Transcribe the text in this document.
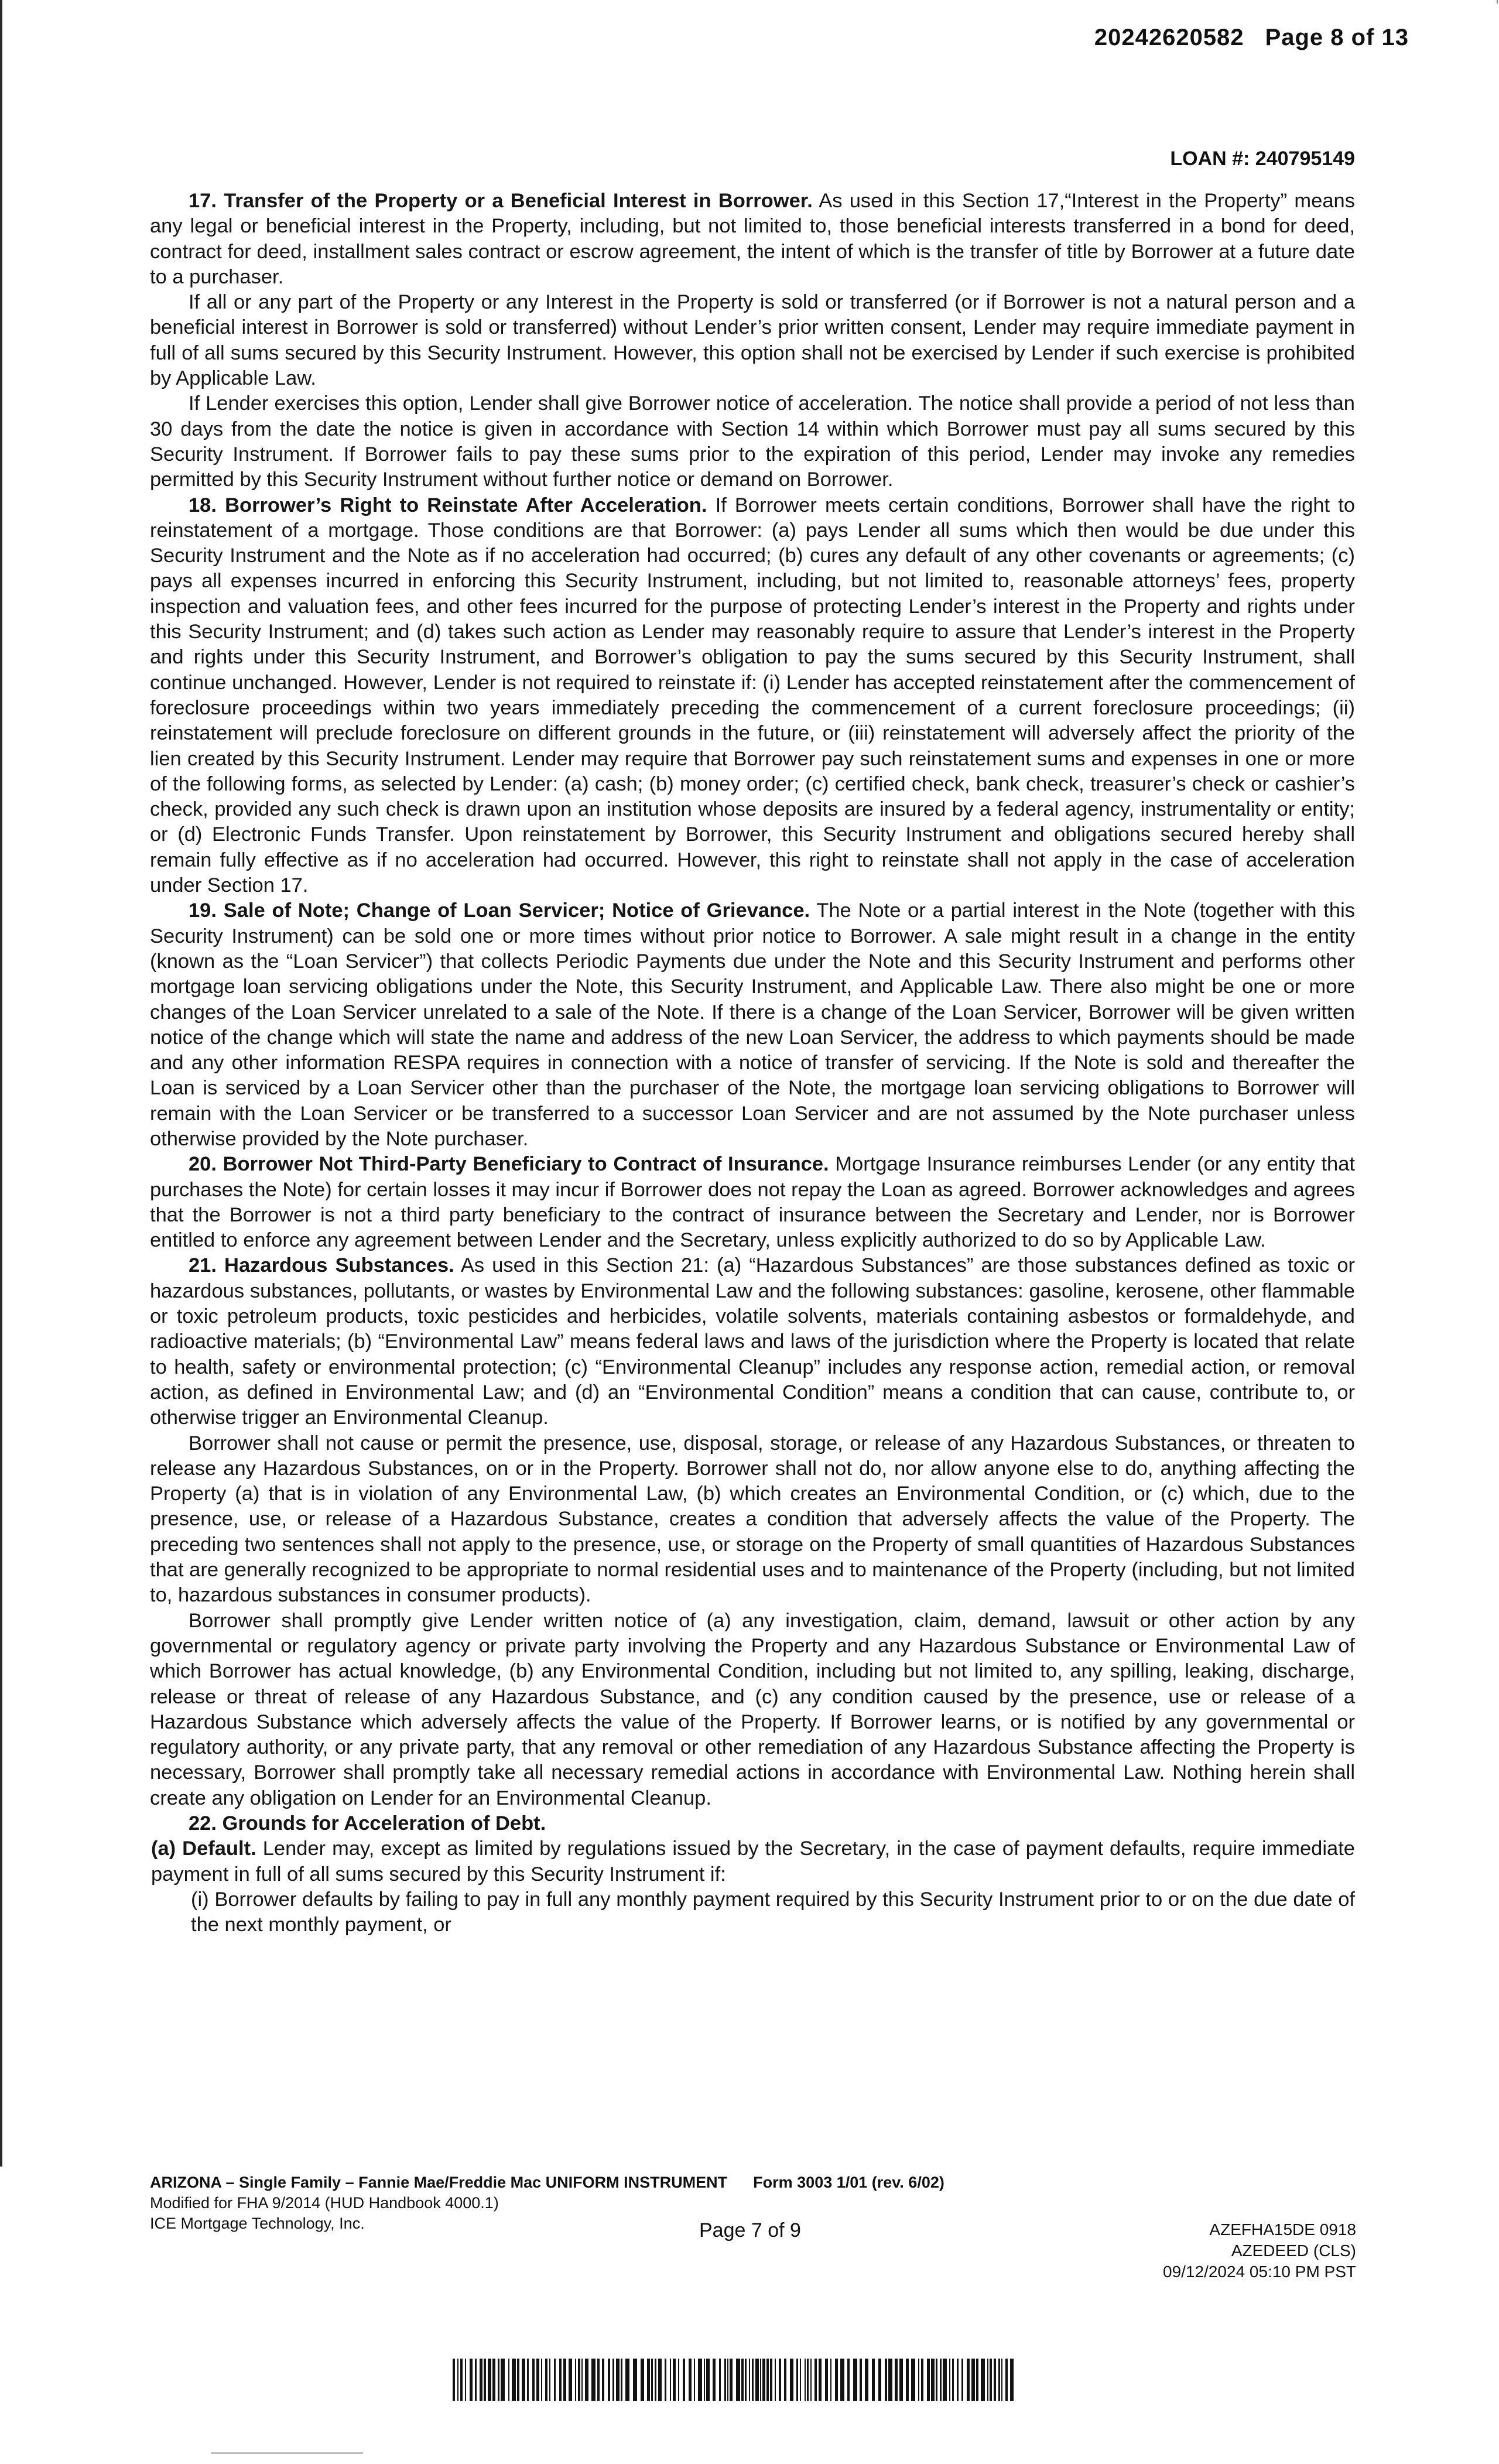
20242620582 Page 8 of 13
LOAN #: 240795149

17. Transfer of the Property or a Beneficial Interest in Borrower. As used in this Section 17,“Interest in the Property” means any legal or beneficial interest in the Property, including, but not limited to, those beneficial interests transferred in a bond for deed, contract for deed, installment sales contract or escrow agreement, the intent of which is the transfer of title by Borrower at a future date to a purchaser.

If all or any part of the Property or any Interest in the Property is sold or transferred (or if Borrower is not a natural person and a beneficial interest in Borrower is sold or transferred) without Lender’s prior written consent, Lender may require immediate payment in full of all sums secured by this Security Instrument. However, this option shall not be exercised by Lender if such exercise is prohibited by Applicable Law.

If Lender exercises this option, Lender shall give Borrower notice of acceleration. The notice shall provide a period of not less than 30 days from the date the notice is given in accordance with Section 14 within which Borrower must pay all sums secured by this Security Instrument. If Borrower fails to pay these sums prior to the expiration of this period, Lender may invoke any remedies permitted by this Security Instrument without further notice or demand on Borrower.

18. Borrower’s Right to Reinstate After Acceleration. If Borrower meets certain conditions, Borrower shall have the right to reinstatement of a mortgage. Those conditions are that Borrower: (a) pays Lender all sums which then would be due under this Security Instrument and the Note as if no acceleration had occurred; (b) cures any default of any other covenants or agreements; (c) pays all expenses incurred in enforcing this Security Instrument, including, but not limited to, reasonable attorneys’ fees, property inspection and valuation fees, and other fees incurred for the purpose of protecting Lender’s interest in the Property and rights under this Security Instrument; and (d) takes such action as Lender may reasonably require to assure that Lender’s interest in the Property and rights under this Security Instrument, and Borrower’s obligation to pay the sums secured by this Security Instrument, shall continue unchanged. However, Lender is not required to reinstate if: (i) Lender has accepted reinstatement after the commencement of foreclosure proceedings within two years immediately preceding the commencement of a current foreclosure proceedings; (ii) reinstatement will preclude foreclosure on different grounds in the future, or (iii) reinstatement will adversely affect the priority of the lien created by this Security Instrument. Lender may require that Borrower pay such reinstatement sums and expenses in one or more of the following forms, as selected by Lender: (a) cash; (b) money order; (c) certified check, bank check, treasurer’s check or cashier’s check, provided any such check is drawn upon an institution whose deposits are insured by a federal agency, instrumentality or entity; or (d) Electronic Funds Transfer. Upon reinstatement by Borrower, this Security Instrument and obligations secured hereby shall remain fully effective as if no acceleration had occurred. However, this right to reinstate shall not apply in the case of acceleration under Section 17.

19. Sale of Note; Change of Loan Servicer; Notice of Grievance. The Note or a partial interest in the Note (together with this Security Instrument) can be sold one or more times without prior notice to Borrower. A sale might result in a change in the entity (known as the “Loan Servicer”) that collects Periodic Payments due under the Note and this Security Instrument and performs other mortgage loan servicing obligations under the Note, this Security Instrument, and Applicable Law. There also might be one or more changes of the Loan Servicer unrelated to a sale of the Note. If there is a change of the Loan Servicer, Borrower will be given written notice of the change which will state the name and address of the new Loan Servicer, the address to which payments should be made and any other information RESPA requires in connection with a notice of transfer of servicing. If the Note is sold and thereafter the Loan is serviced by a Loan Servicer other than the purchaser of the Note, the mortgage loan servicing obligations to Borrower will remain with the Loan Servicer or be transferred to a successor Loan Servicer and are not assumed by the Note purchaser unless otherwise provided by the Note purchaser.

20. Borrower Not Third-Party Beneficiary to Contract of Insurance. Mortgage Insurance reimburses Lender (or any entity that purchases the Note) for certain losses it may incur if Borrower does not repay the Loan as agreed. Borrower acknowledges and agrees that the Borrower is not a third party beneficiary to the contract of insurance between the Secretary and Lender, nor is Borrower entitled to enforce any agreement between Lender and the Secretary, unless explicitly authorized to do so by Applicable Law.

21. Hazardous Substances. As used in this Section 21: (a) “Hazardous Substances” are those substances defined as toxic or hazardous substances, pollutants, or wastes by Environmental Law and the following substances: gasoline, kerosene, other flammable or toxic petroleum products, toxic pesticides and herbicides, volatile solvents, materials containing asbestos or formaldehyde, and radioactive materials; (b) “Environmental Law” means federal laws and laws of the jurisdiction where the Property is located that relate to health, safety or environmental protection; (c) “Environmental Cleanup” includes any response action, remedial action, or removal action, as defined in Environmental Law; and (d) an “Environmental Condition” means a condition that can cause, contribute to, or otherwise trigger an Environmental Cleanup.

Borrower shall not cause or permit the presence, use, disposal, storage, or release of any Hazardous Substances, or threaten to release any Hazardous Substances, on or in the Property. Borrower shall not do, nor allow anyone else to do, anything affecting the Property (a) that is in violation of any Environmental Law, (b) which creates an Environmental Condition, or (c) which, due to the presence, use, or release of a Hazardous Substance, creates a condition that adversely affects the value of the Property. The preceding two sentences shall not apply to the presence, use, or storage on the Property of small quantities of Hazardous Substances that are generally recognized to be appropriate to normal residential uses and to maintenance of the Property (including, but not limited to, hazardous substances in consumer products).

Borrower shall promptly give Lender written notice of (a) any investigation, claim, demand, lawsuit or other action by any governmental or regulatory agency or private party involving the Property and any Hazardous Substance or Environmental Law of which Borrower has actual knowledge, (b) any Environmental Condition, including but not limited to, any spilling, leaking, discharge, release or threat of release of any Hazardous Substance, and (c) any condition caused by the presence, use or release of a Hazardous Substance which adversely affects the value of the Property. If Borrower learns, or is notified by any governmental or regulatory authority, or any private party, that any removal or other remediation of any Hazardous Substance affecting the Property is necessary, Borrower shall promptly take all necessary remedial actions in accordance with Environmental Law. Nothing herein shall create any obligation on Lender for an Environmental Cleanup.

22. Grounds for Acceleration of Debt.

(a) Default. Lender may, except as limited by regulations issued by the Secretary, in the case of payment defaults, require immediate payment in full of all sums secured by this Security Instrument if:

(i) Borrower defaults by failing to pay in full any monthly payment required by this Security Instrument prior to or on the due date of the next monthly payment, or

ARIZONA – Single Family – Fannie Mae/Freddie Mac UNIFORM INSTRUMENT Form 3003 1/01 (rev. 6/02)
Modified for FHA 9/2014 (HUD Handbook 4000.1)
ICE Mortgage Technology, Inc.	Page 7 of 9	AZEFHA15DE 0918
AZEDEED (CLS)
09/12/2024 05:10 PM PST
